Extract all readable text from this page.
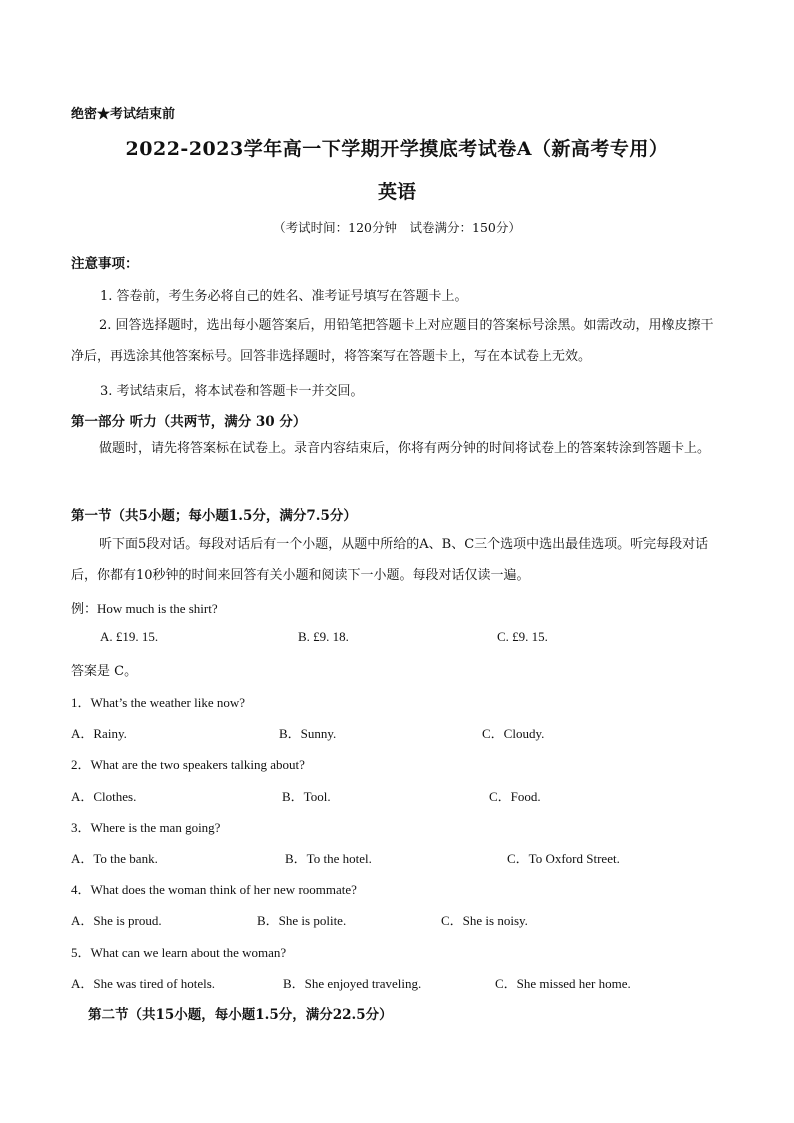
绝密★考试结束前
2022-2023学年高一下学期开学摸底考试卷A（新高考专用）
英语
（考试时间：120分钟　试卷满分：150分）
注意事项：
1. 答卷前，考生务必将自己的姓名、准考证号填写在答题卡上。
2. 回答选择题时，选出每小题答案后，用铅笔把答题卡上对应题目的答案标号涂黑。如需改动，用橡皮擦干净后，再选涂其他答案标号。回答非选择题时，将答案写在答题卡上，写在本试卷上无效。
3. 考试结束后，将本试卷和答题卡一并交回。
第一部分 听力（共两节，满分 30 分）
做题时，请先将答案标在试卷上。录音内容结束后，你将有两分钟的时间将试卷上的答案转涂到答题卡上。
第一节（共5小题；每小题1.5分，满分7.5分）
听下面5段对话。每段对话后有一个小题，从题中所给的A、B、C三个选项中选出最佳选项。听完每段对话后，你都有10秒钟的时间来回答有关小题和阅读下一小题。每段对话仅读一遍。
例：How much is the shirt?
A. £19. 15.	B. £9. 18.	C. £9. 15.
答案是 C。
1．What’s the weather like now?
A．Rainy.	B．Sunny.	C．Cloudy.
2．What are the two speakers talking about?
A．Clothes.	B．Tool.	C．Food.
3．Where is the man going?
A．To the bank.	B．To the hotel.	C．To Oxford Street.
4．What does the woman think of her new roommate?
A．She is proud.	B．She is polite.	C．She is noisy.
5．What can we learn about the woman?
A．She was tired of hotels.	B．She enjoyed traveling.	C．She missed her home.
第二节（共15小题，每小题1.5分，满分22.5分）
